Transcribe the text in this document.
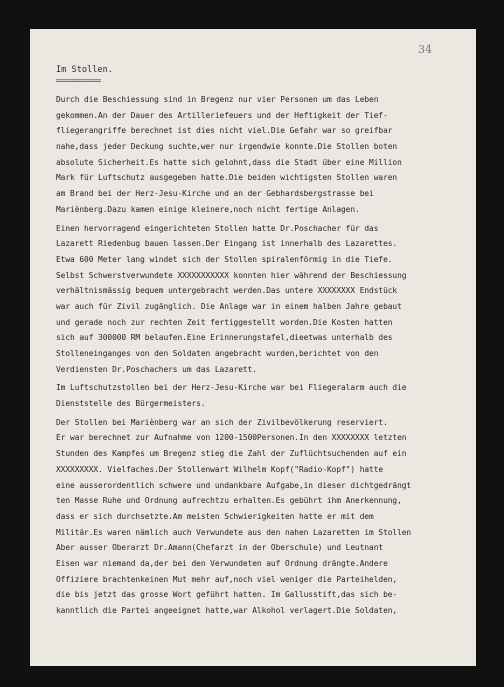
34
Im Stollen.
============
Durch die Beschiessung sind in Bregenz nur vier Personen um das Leben
gekommen.An der Dauer des Artilleriefeuers und der Heftigkeit der Tief-
fliegerangriffe berechnet ist dies nicht viel.Die Gefahr war so greifbar
nahe,dass jeder Deckung suchte,wer nur irgendwie konnte.Die Stollen boten
absolute Sicherheit.Es hatte sich gelohnt,dass die Stadt über eine Million
Mark für Luftschutz ausgegeben hatte.Die beiden wichtigsten Stollen waren
am Brand bei der Herz-Jesu-Kirche und an der Gebhardsbergstrasse bei
Mariènberg.Dazu kamen einige kleinere,noch nicht fertige Anlagen.
Einen hervorragend eingerichteten Stollen hatte Dr.Poschacher für das
Lazarett Riedenbug bauen lassen.Der Eingang ist innerhalb des Lazarettes.
Etwa 600 Meter lang windet sich der Stollen spiralenförmig in die Tiefe.
Selbst Schwerstverwundete XXXXXXXXXXX konnten hier während der Beschiessung
verhältnismässig bequem untergebracht werden.Das untere XXXXXXXX Endstück
war auch für Zivil zugänglich. Die Anlage war in einem halben Jahre gebaut
und gerade noch zur rechten Zeit fertiggestellt worden.Die Kosten hatten
sich auf 300000 RM belaufen.Eine Erinnerungstafel,dieetwas unterhalb des
Stolleneinganges von den Soldaten angebracht wurden,berichtet von den
Verdiensten Dr.Poschachers um das Lazarett.
Im Luftschutzstollen bei der Herz-Jesu-Kirche war bei Fliegeralarm auch die
Dienststelle des Bürgermeisters.
Der Stollen bei Mariènberg war an sich der Zivilbevölkerung reserviert.
Er war berechnet zur Aufnahme von 1200-1500Personen.In den XXXXXXXX letzten
Stunden des Kampfes um Bregenz stieg die Zahl der Zuflüchtsuchenden auf ein
XXXXXXXXX. Vielfaches.Der Stollenwart Wilhelm Kopf("Radio-Kopf") hatte
eine ausserordentlich schwere und undankbare Aufgabe,in dieser dichtgedrängt
ten Masse Ruhe und Ordnung aufrechtzu erhalten.Es gebührt ihm Anerkennung,
dass er sich durchsetzte.Am meisten Schwierigkeiten hatte er mit dem
Militär.Es waren nämlich auch Verwundete aus den nahen Lazaretten im Stollen
Aber ausser Oberarzt Dr.Amann(Chefarzt in der Oberschule) und Leutnant
Eisen war niemand da,der bei den Verwundeten auf Ordnung drängte.Andere
Offiziere brachtenkeinen Mut mehr auf,noch viel weniger die Parteihelden,
die bis jetzt das grosse Wort geführt hatten. Im Gallusstift,das sich be-
kanntlich die Partei angeeignet hatte,war Alkohol verlagert.Die Soldaten,
